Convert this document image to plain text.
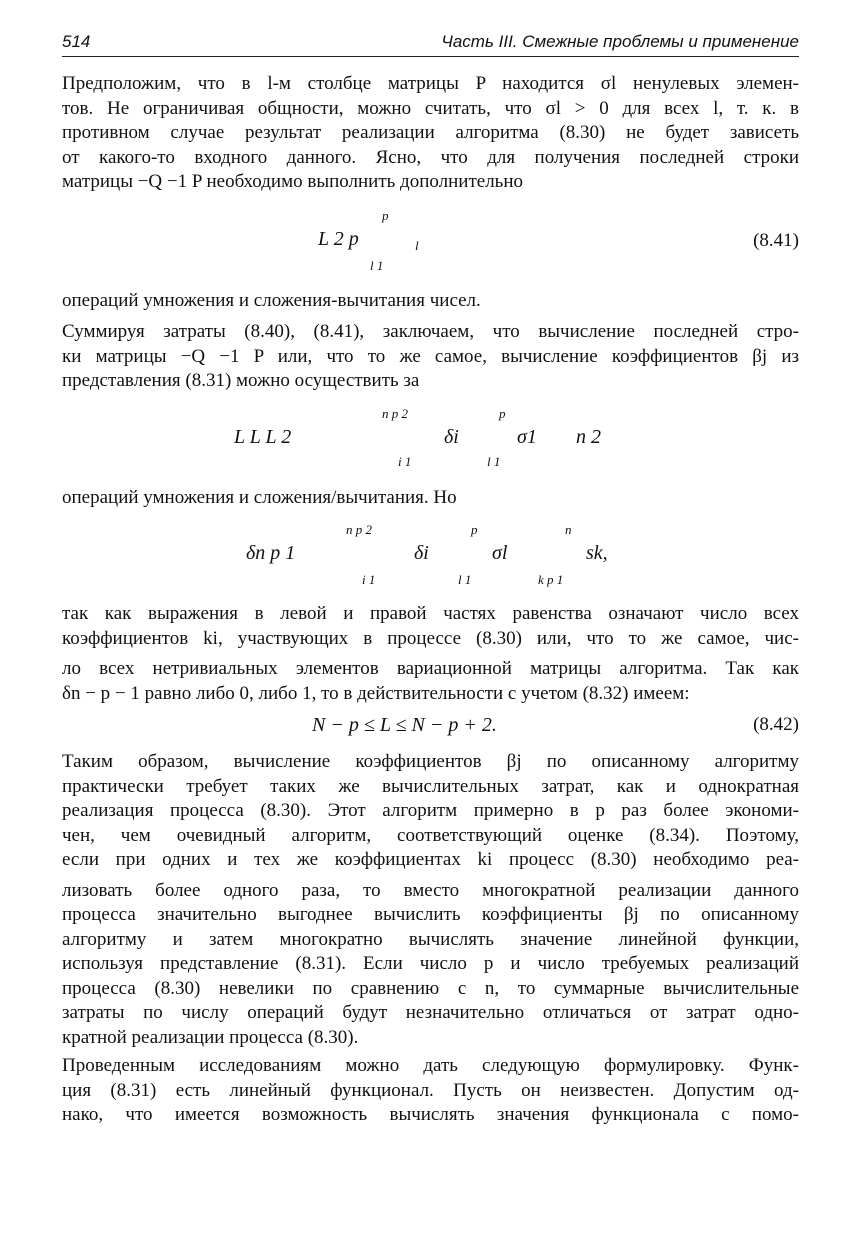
514	Часть III. Смежные проблемы и применение
Предположим, что в l-м столбце матрицы P находится σl ненулевых элемен-
тов. Не ограничивая общности, можно считать, что σl > 0 для всех l, т. к. в
противном случае результат реализации алгоритма (8.30) не будет зависеть
от какого-то входного данного. Ясно, что для получения последней строки
матрицы −Q −1 P необходимо выполнить дополнительно
p
L 2 p	l
l 1
(8.41)
операций умножения и сложения-вычитания чисел.
Суммируя затраты (8.40), (8.41), заключаем, что вычисление последней стро-
ки матрицы −Q −1 P или, что то же самое, вычисление коэффициентов βj из
представления (8.31) можно осуществить за
n p 2	p
L L L 2	δi	σ1 n 2
i 1	l 1
операций умножения и сложения/вычитания. Но
n p 2	p	n
δn p 1	δi	σl	sk,
i 1	l 1	k p 1
так как выражения в левой и правой частях равенства означают число всех
коэффициентов ki, участвующих в процессе (8.30) или, что то же самое, чис-
ло всех нетривиальных элементов вариационной матрицы алгоритма. Так как
δn − p − 1 равно либо 0, либо 1, то в действительности с учетом (8.32) имеем:
N − p ≤ L ≤ N − p + 2.	(8.42)
Таким образом, вычисление коэффициентов βj по описанному алгоритму
практически требует таких же вычислительных затрат, как и однократная
реализация процесса (8.30). Этот алгоритм примерно в p раз более экономи-
чен, чем очевидный алгоритм, соответствующий оценке (8.34). Поэтому,
если при одних и тех же коэффициентах ki процесс (8.30) необходимо реа-
лизовать более одного раза, то вместо многократной реализации данного
процесса значительно выгоднее вычислить коэффициенты βj по описанному
алгоритму и затем многократно вычислять значение линейной функции,
используя представление (8.31). Если число p и число требуемых реализаций
процесса (8.30) невелики по сравнению с n, то суммарные вычислительные
затраты по числу операций будут незначительно отличаться от затрат одно-
кратной реализации процесса (8.30).
Проведенным исследованиям можно дать следующую формулировку. Функ-
ция (8.31) есть линейный функционал. Пусть он неизвестен. Допустим од-
нако, что имеется возможность вычислять значения функционала с помо-
